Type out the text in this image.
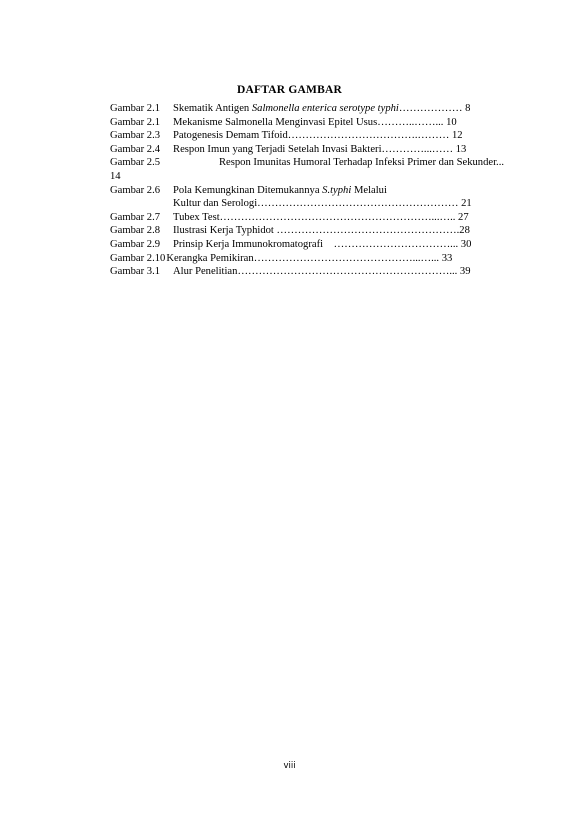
DAFTAR GAMBAR
Gambar 2.1 Skematik Antigen Salmonella enterica serotype typhi……………… 8
Gambar 2.1 Mekanisme Salmonella Menginvasi Epitel Usus………..……... 10
Gambar 2.3 Patogenesis Demam Tifoid……………………………….……… 12
Gambar 2.4 Respon Imun yang Terjadi Setelah Invasi Bakteri…………...…… 13
Gambar 2.5	Respon Imunitas Humoral Terhadap Infeksi Primer dan Sekunder...
14
Gambar 2.6 Pola Kemungkinan Ditemukannya S.typhi Melalui
Kultur dan Serologi………………………………………………… 21
Gambar 2.7 Tubex Test……………………………………………………...….. 27
Gambar 2.8 Ilustrasi Kerja Typhidot …………………………………………….28
Gambar 2.9 Prinsip Kerja Immunokromatografi    ……………………………... 30
Gambar 2.10Kerangka Pemikiran………………………………………...…... 33
Gambar 3.1 Alur Penelitian……………………………………………………... 39
viii
